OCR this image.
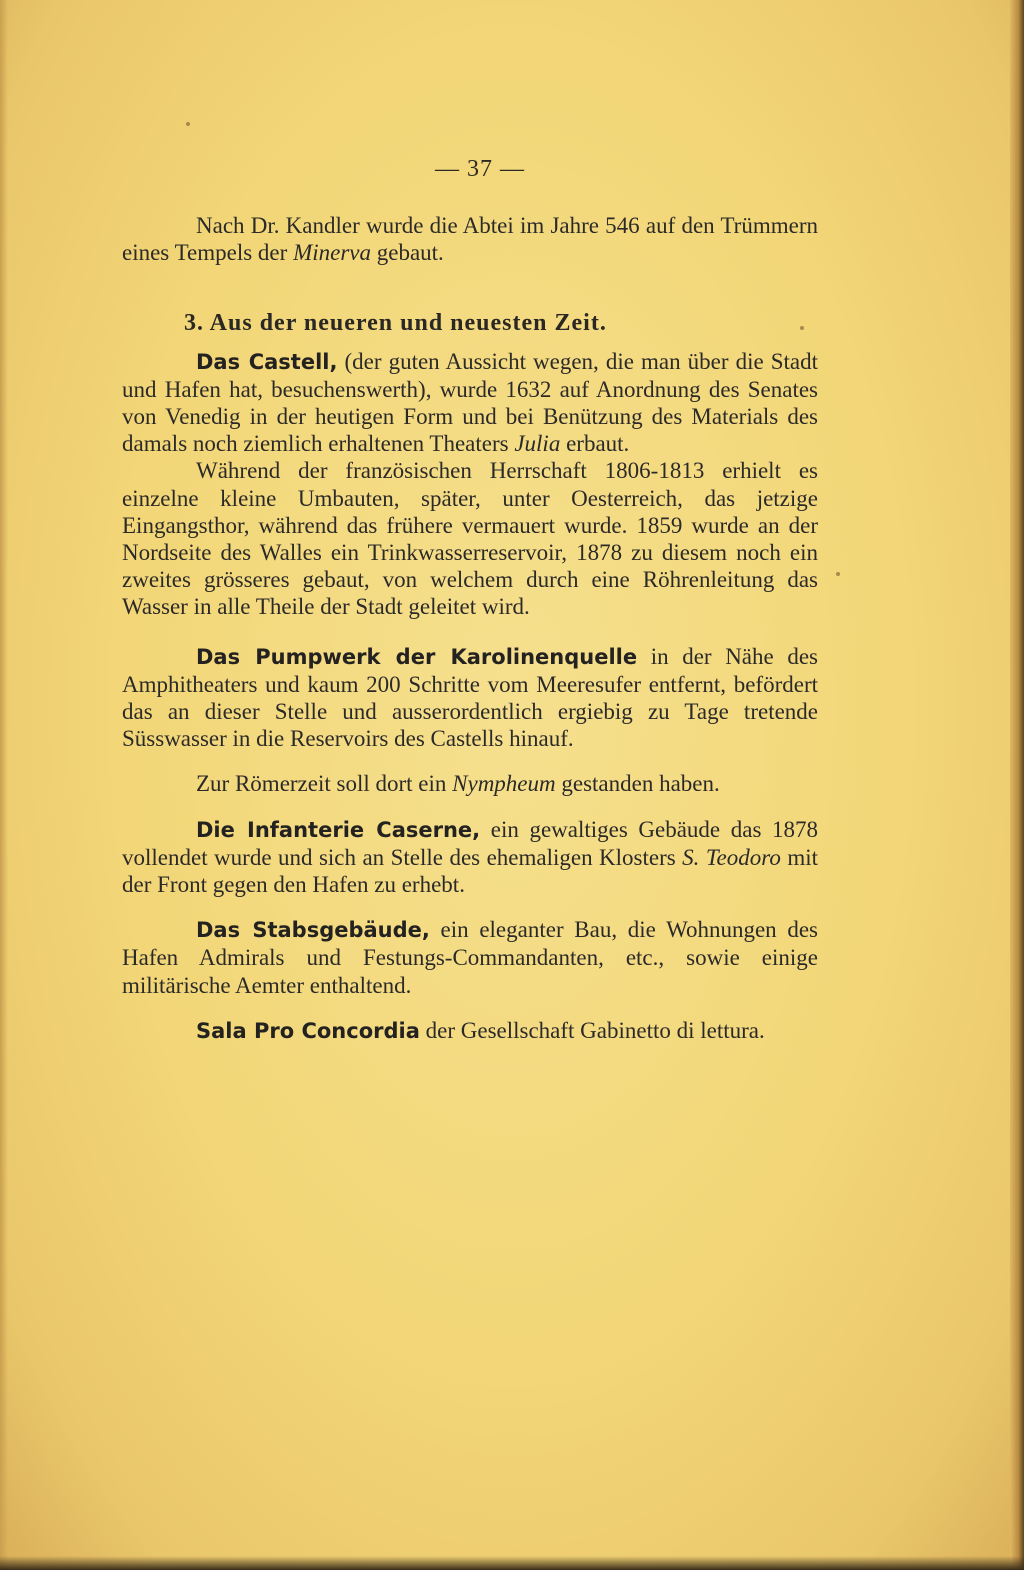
— 37 —

Nach Dr. Kandler wurde die Abtei im Jahre 546 auf den Trümmern eines Tempels der Minerva gebaut.

3. Aus der neueren und neuesten Zeit.

Das Castell, (der guten Aussicht wegen, die man über die Stadt und Hafen hat, besuchenswerth), wurde 1632 auf Anordnung des Senates von Venedig in der heutigen Form und bei Benützung des Materials des damals noch ziemlich erhaltenen Theaters Julia erbaut.

Während der französischen Herrschaft 1806-1813 erhielt es einzelne kleine Umbauten, später, unter Oesterreich, das jetzige Eingangsthor, während das frühere vermauert wurde. 1859 wurde an der Nordseite des Walles ein Trinkwasserreservoir, 1878 zu diesem noch ein zweites grösseres gebaut, von welchem durch eine Röhrenleitung das Wasser in alle Theile der Stadt geleitet wird.

Das Pumpwerk der Karolinenquelle in der Nähe des Amphitheaters und kaum 200 Schritte vom Meeresufer entfernt, befördert das an dieser Stelle und ausserordentlich ergiebig zu Tage tretende Süsswasser in die Reservoirs des Castells hinauf.

Zur Römerzeit soll dort ein Nympheum gestanden haben.

Die Infanterie Caserne, ein gewaltiges Gebäude das 1878 vollendet wurde und sich an Stelle des ehemaligen Klosters S. Teodoro mit der Front gegen den Hafen zu erhebt.

Das Stabsgebäude, ein eleganter Bau, die Wohnungen des Hafen Admirals und Festungs-Commandanten, etc., sowie einige militärische Aemter enthaltend.

Sala Pro Concordia der Gesellschaft Gabinetto di lettura.
